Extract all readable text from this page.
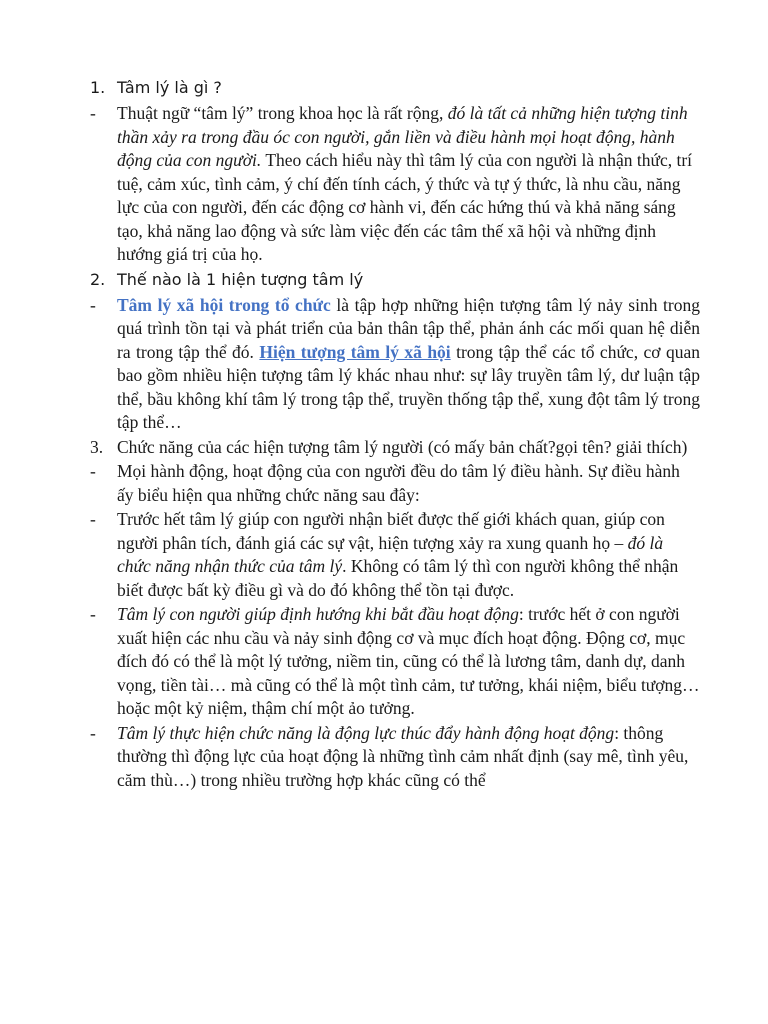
1. Tâm lý là gì ?
-	Thuật ngữ “tâm lý” trong khoa học là rất rộng, đó là tất cả những hiện tượng tinh thần xảy ra trong đầu óc con người, gắn liền và điều hành mọi hoạt động, hành động của con người. Theo cách hiểu này thì tâm lý của con người là nhận thức, trí tuệ, cảm xúc, tình cảm, ý chí đến tính cách, ý thức và tự ý thức, là nhu cầu, năng lực của con người, đến các động cơ hành vi, đến các hứng thú và khả năng sáng tạo, khả năng lao động và sức làm việc đến các tâm thế xã hội và những định hướng giá trị của họ.
2. Thế nào là 1 hiện tượng tâm lý
-	Tâm lý xã hội trong tổ chức là tập hợp những hiện tượng tâm lý nảy sinh trong quá trình tồn tại và phát triển của bản thân tập thể, phản ánh các mối quan hệ diễn ra trong tập thể đó. Hiện tượng tâm lý xã hội trong tập thể các tổ chức, cơ quan bao gồm nhiều hiện tượng tâm lý khác nhau như: sự lây truyền tâm lý, dư luận tập thể, bầu không khí tâm lý trong tập thể, truyền thống tập thể, xung đột tâm lý trong tập thể…
3. Chức năng của các hiện tượng tâm lý người (có mấy bản chất?gọi tên? giải thích)
-	Mọi hành động, hoạt động của con người đều do tâm lý điều hành. Sự điều hành ấy biểu hiện qua những chức năng sau đây:
-	Trước hết tâm lý giúp con người nhận biết được thế giới khách quan, giúp con người phân tích, đánh giá các sự vật, hiện tượng xảy ra xung quanh họ – đó là chức năng nhận thức của tâm lý. Không có tâm lý thì con người không thể nhận biết được bất kỳ điều gì và do đó không thể tồn tại được.
-	Tâm lý con người giúp định hướng khi bắt đầu hoạt động: trước hết ở con người xuất hiện các nhu cầu và nảy sinh động cơ và mục đích hoạt động. Động cơ, mục đích đó có thể là một lý tưởng, niềm tin, cũng có thể là lương tâm, danh dự, danh vọng, tiền tài… mà cũng có thể là một tình cảm, tư tưởng, khái niệm, biểu tượng… hoặc một kỷ niệm, thậm chí một ảo tưởng.
-	Tâm lý thực hiện chức năng là động lực thúc đẩy hành động hoạt động: thông thường thì động lực của hoạt động là những tình cảm nhất định (say mê, tình yêu, căm thù…) trong nhiều trường hợp khác cũng có thể
